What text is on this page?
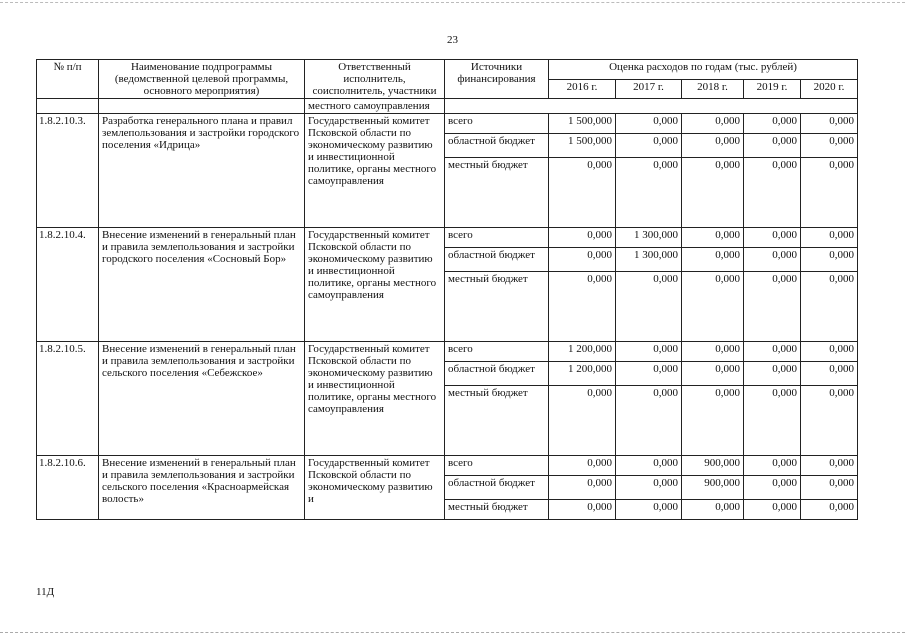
23
№ п/п	Наименование подпрограммы (ведомственной целевой программы, основного мероприятия)	Ответственный исполнитель, соисполнитель, участники	Источники финансирования	Оценка расходов по годам (тыс. рублей)				
				2016 г.	2017 г.	2018 г.	2019 г.	2020 г.
		местного самоуправления						
1.8.2.10.3.	Разработка генерального плана и правил землепользования и застройки городского поселения «Идрица»	Государственный комитет Псковской области по экономическому развитию и инвестиционной политике, органы местного самоуправления	всего	1 500,000	0,000	0,000	0,000	0,000
			областной бюджет	1 500,000	0,000	0,000	0,000	0,000
			местный бюджет	0,000	0,000	0,000	0,000	0,000
1.8.2.10.4.	Внесение изменений в генеральный план и правила землепользования и застройки городского поселения «Сосновый Бор»	Государственный комитет Псковской области по экономическому развитию и инвестиционной политике, органы местного самоуправления	всего	0,000	1 300,000	0,000	0,000	0,000
			областной бюджет	0,000	1 300,000	0,000	0,000	0,000
			местный бюджет	0,000	0,000	0,000	0,000	0,000
1.8.2.10.5.	Внесение изменений в генеральный план и правила землепользования и застройки сельского поселения «Себежское»	Государственный комитет Псковской области по экономическому развитию и инвестиционной политике, органы местного самоуправления	всего	1 200,000	0,000	0,000	0,000	0,000
			областной бюджет	1 200,000	0,000	0,000	0,000	0,000
			местный бюджет	0,000	0,000	0,000	0,000	0,000
1.8.2.10.6.	Внесение изменений в генеральный план и правила землепользования и застройки сельского поселения «Красноармейская волость»	Государственный комитет Псковской области по экономическому развитию и	всего	0,000	0,000	900,000	0,000	0,000
			областной бюджет	0,000	0,000	900,000	0,000	0,000
			местный бюджет	0,000	0,000	0,000	0,000	0,000
11Д
